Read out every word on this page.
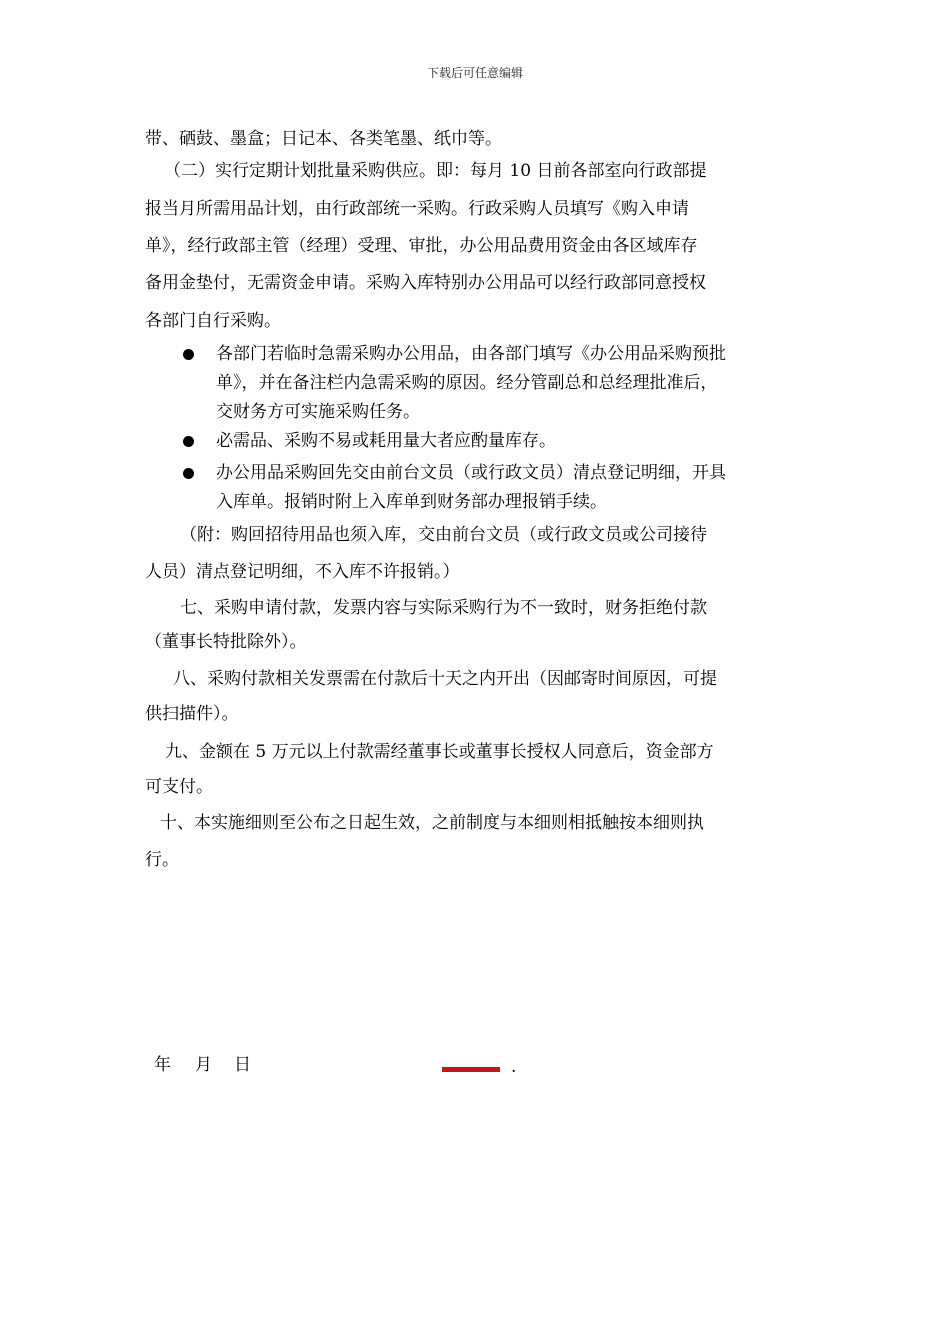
下载后可任意编辑
带、硒鼓、墨盒；日记本、各类笔墨、纸巾等。
（二）实行定期计划批量采购供应。即：每月 10 日前各部室向行政部提
报当月所需用品计划，由行政部统一采购。行政采购人员填写《购入申请
单》，经行政部主管（经理）受理、审批，办公用品费用资金由各区域库存
备用金垫付，无需资金申请。采购入库特别办公用品可以经行政部同意授权
各部门自行采购。
各部门若临时急需采购办公用品，由各部门填写《办公用品采购预批
单》，并在备注栏内急需采购的原因。经分管副总和总经理批准后，
交财务方可实施采购任务。
必需品、采购不易或耗用量大者应酌量库存。
办公用品采购回先交由前台文员（或行政文员）清点登记明细，开具
入库单。报销时附上入库单到财务部办理报销手续。
（附：购回招待用品也须入库，交由前台文员（或行政文员或公司接待
人员）清点登记明细，不入库不许报销。）
七、采购申请付款，发票内容与实际采购行为不一致时，财务拒绝付款
（董事长特批除外）。
八、采购付款相关发票需在付款后十天之内开出（因邮寄时间原因，可提
供扫描件）。
九、金额在 5 万元以上付款需经董事长或董事长授权人同意后，资金部方
可支付。
十、本实施细则至公布之日起生效，之前制度与本细则相抵触按本细则执
行。
年 月 日	.
